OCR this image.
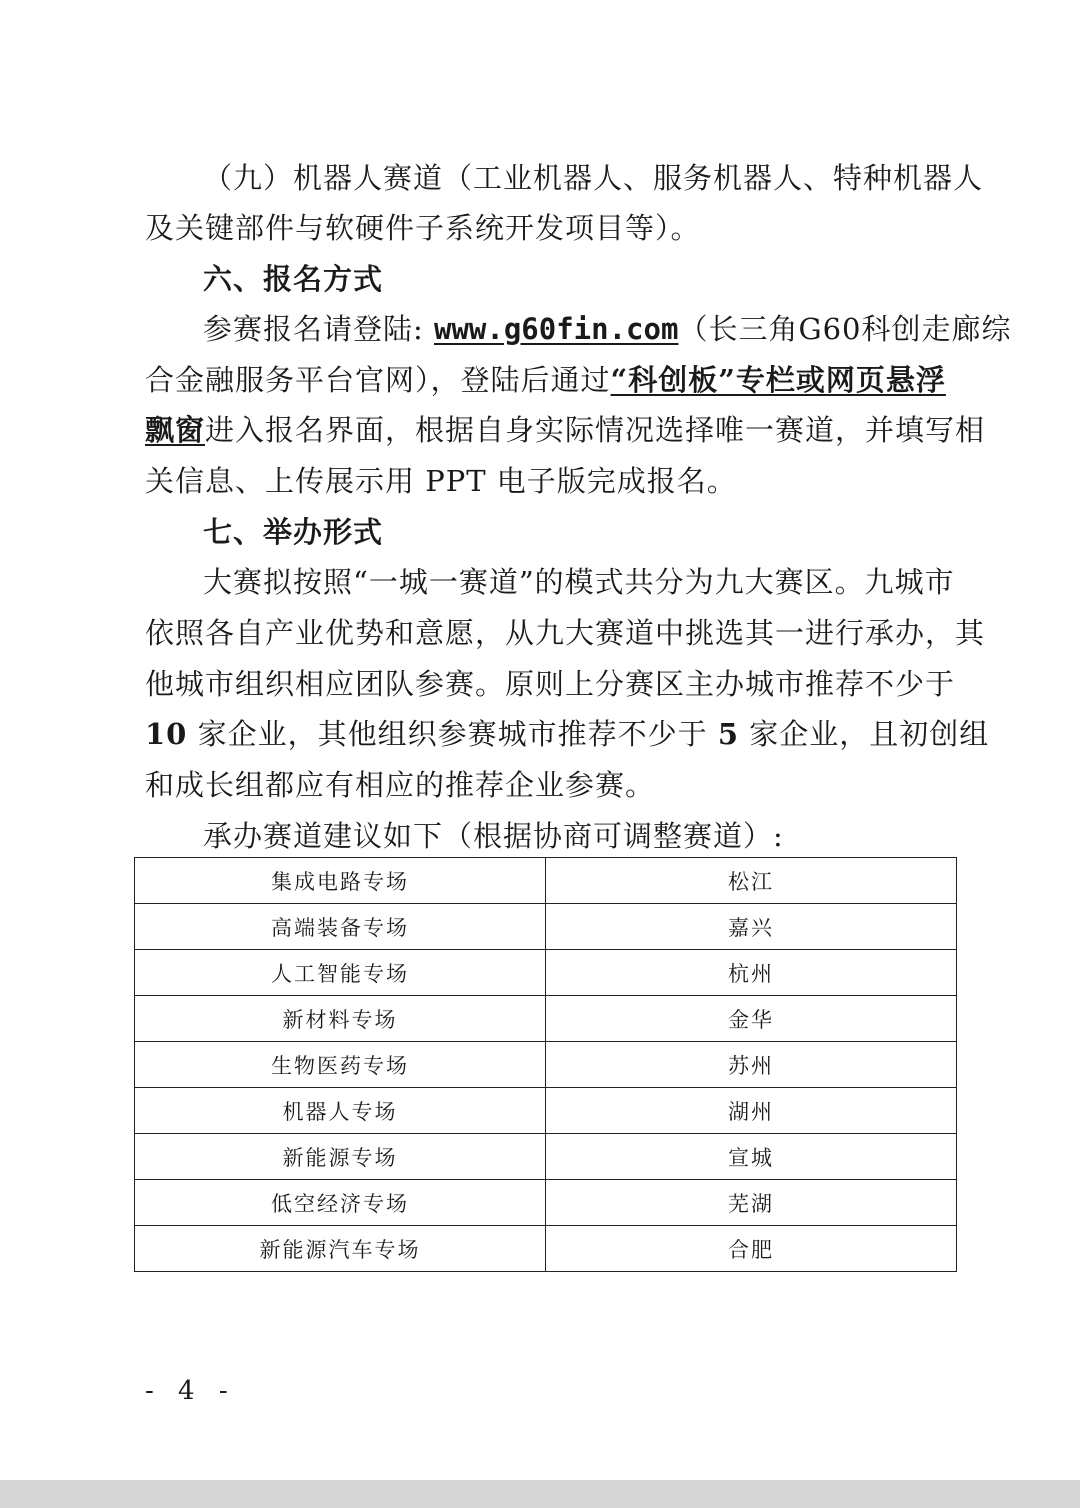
（九）机器人赛道（工业机器人、服务机器人、特种机器人
及关键部件与软硬件子系统开发项目等）。
六、报名方式
参赛报名请登陆: www.g60fin.com（长三角G60科创走廊综
合金融服务平台官网），登陆后通过“科创板”专栏或网页悬浮
飘窗进入报名界面，根据自身实际情况选择唯一赛道，并填写相
关信息、上传展示用 PPT 电子版完成报名。
七、举办形式
大赛拟按照“一城一赛道”的模式共分为九大赛区。九城市
依照各自产业优势和意愿，从九大赛道中挑选其一进行承办，其
他城市组织相应团队参赛。原则上分赛区主办城市推荐不少于
10 家企业，其他组织参赛城市推荐不少于 5 家企业，且初创组
和成长组都应有相应的推荐企业参赛。
承办赛道建议如下（根据协商可调整赛道）:
集成电路专场	松江
高端装备专场	嘉兴
人工智能专场	杭州
新材料专场	金华
生物医药专场	苏州
机器人专场	湖州
新能源专场	宣城
低空经济专场	芜湖
新能源汽车专场	合肥
- 4 -
